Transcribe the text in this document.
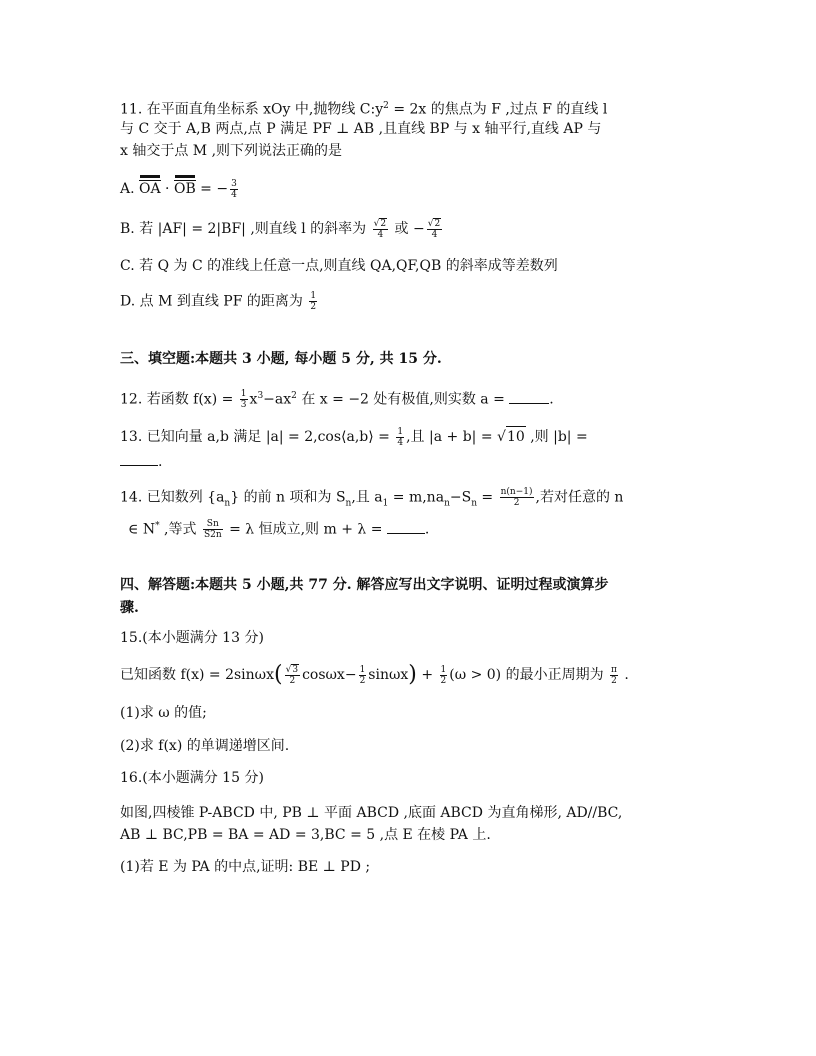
11. 在平面直角坐标系 xOy 中,抛物线 $C:y^2 = 2x$ 的焦点为 F ,过点 F 的直线 l
与 C 交于 A,B 两点,点 P 满足 PF ⊥ AB ,且直线 BP 与 x 轴平行,直线 AP 与
x 轴交于点 M ,则下列说法正确的是
A. OA · OB = − $\frac{3}{4}$
B. 若 |AF| = 2|BF| ,则直线 l 的斜率为 $\frac{√2}{4}$ 或 − $\frac{√2}{4}$
C. 若 Q 为 C 的准线上任意一点,则直线 QA,QF,QB 的斜率成等差数列
D. 点 M 到直线 PF 的距离为 $\frac{1}{2}$
三、填空题:本题共 3 小题, 每小题 5 分, 共 15 分.
12. 若函数 $f(x) = \frac{1}{3} x^3-ax^2$ 在 x = −2 处有极值,则实数 a =	.
13. 已知向量 a,b 满足 |a| = 2,cos⟨a,b⟩ = $\frac{1}{4}$ ,且 |a + b| = √10 ,则 |b| =
.
14. 已知数列 $\{a_n\}$ 的前 n 项和为 $S_n$,且 $a_1 = m,na_n-S_n = \frac{n(n-1)}{2}$ ,若对任意的 n
∈ N* ,等式 $\frac{Sn}{S2n} = \lambda$ 恒成立,则 m + λ =	.
四、解答题:本题共 5 小题,共 77 分. 解答应写出文字说明、证明过程或演算步
骤.
15.(本小题满分 13 分)
已知函数 $f(x) = 2\sin\omega x( \frac{√3}{2} \cos\omega x- \frac{1}{2} \sin\omega x) + \frac{1}{2} (\omega > 0)$ 的最小正周期为 $\frac{\pi}{2}$ .
(1)求 ω 的值;
(2)求 f(x) 的单调递增区间.
16.(本小题满分 15 分)
如图,四棱锥 P-ABCD 中, PB ⊥ 平面 ABCD ,底面 ABCD 为直角梯形, AD//BC,
AB ⊥ BC,PB = BA = AD = 3,BC = 5 ,点 E 在棱 PA 上.
(1)若 E 为 PA 的中点,证明: BE ⊥ PD ;
